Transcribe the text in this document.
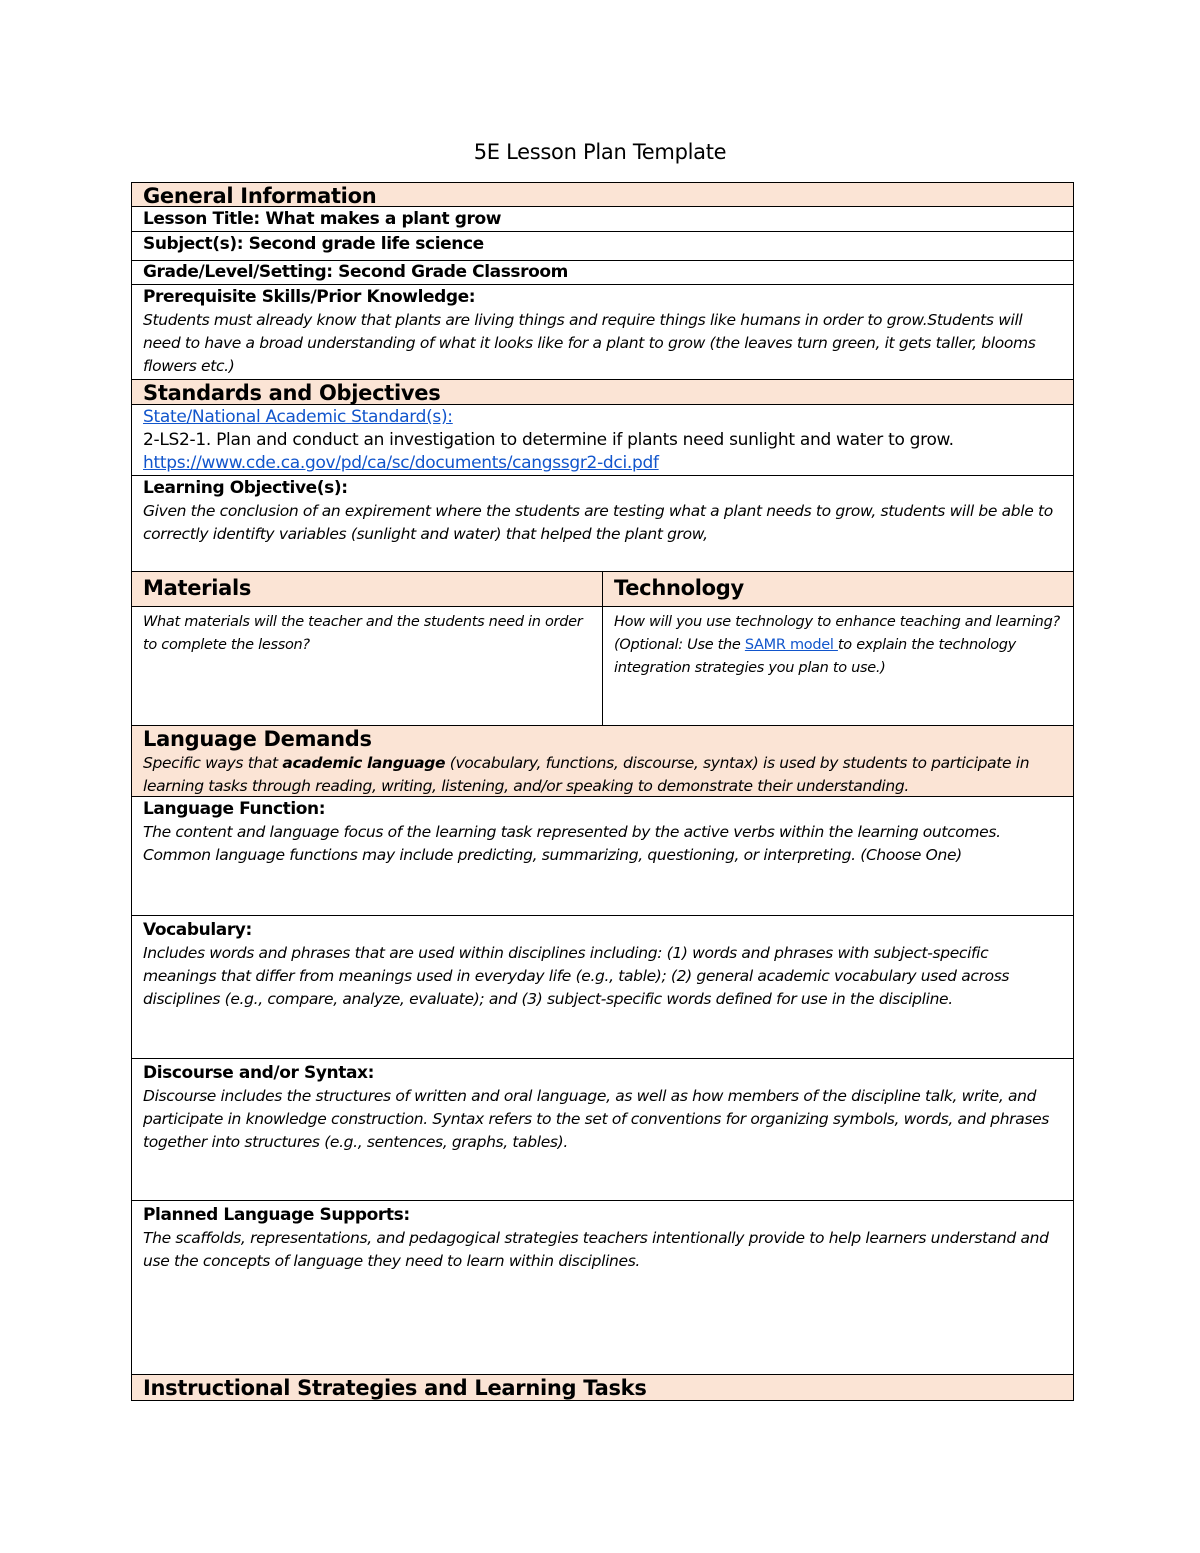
5E Lesson Plan Template
General Information
Lesson Title: What makes a plant grow
Subject(s): Second grade life science
Grade/Level/Setting: Second Grade Classroom
Prerequisite Skills/Prior Knowledge:
Students must already know that plants are living things and require things like humans in order to grow.Students will need to have a broad understanding of what it looks like for a plant to grow (the leaves turn green, it gets taller, blooms flowers etc.)
Standards and Objectives
State/National Academic Standard(s):
2-LS2-1. Plan and conduct an investigation to determine if plants need sunlight and water to grow.
https://www.cde.ca.gov/pd/ca/sc/documents/cangssgr2-dci.pdf
Learning Objective(s):
Given the conclusion of an expirement where the students are testing what a plant needs to grow, students will be able to correctly identifty variables (sunlight and water) that helped the plant grow,
Materials	Technology
What materials will the teacher and the students need in order to complete the lesson?
How will you use technology to enhance teaching and learning? (Optional: Use the SAMR model to explain the technology integration strategies you plan to use.)
Language Demands
Specific ways that academic language (vocabulary, functions, discourse, syntax) is used by students to participate in learning tasks through reading, writing, listening, and/or speaking to demonstrate their understanding.
Language Function:
The content and language focus of the learning task represented by the active verbs within the learning outcomes. Common language functions may include predicting, summarizing, questioning, or interpreting. (Choose One)
Vocabulary:
Includes words and phrases that are used within disciplines including: (1) words and phrases with subject-specific meanings that differ from meanings used in everyday life (e.g., table); (2) general academic vocabulary used across disciplines (e.g., compare, analyze, evaluate); and (3) subject-specific words defined for use in the discipline.
Discourse and/or Syntax:
Discourse includes the structures of written and oral language, as well as how members of the discipline talk, write, and participate in knowledge construction. Syntax refers to the set of conventions for organizing symbols, words, and phrases together into structures (e.g., sentences, graphs, tables).
Planned Language Supports:
The scaffolds, representations, and pedagogical strategies teachers intentionally provide to help learners understand and use the concepts of language they need to learn within disciplines.
Instructional Strategies and Learning Tasks
